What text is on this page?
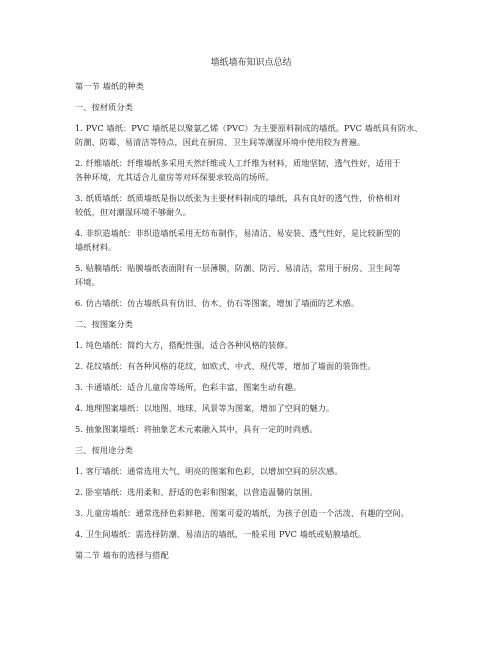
墙纸墙布知识点总结
第一节 墙纸的种类
一、按材质分类
1. PVC 墙纸：PVC 墙纸是以聚氯乙烯（PVC）为主要原料制成的墙纸。PVC 墙纸具有防水、
防潮、防霉、易清洁等特点，因此在厨房、卫生间等潮湿环境中使用较为普遍。
2. 纤维墙纸：纤维墙纸多采用天然纤维或人工纤维为材料，质地坚韧，透气性好，适用于
各种环境，尤其适合儿童房等对环保要求较高的场所。
3. 纸质墙纸：纸质墙纸是指以纸张为主要材料制成的墙纸，具有良好的透气性，价格相对
较低，但对潮湿环境不够耐久。
4. 非织造墙纸：非织造墙纸采用无纺布制作，易清洁、易安装、透气性好，是比较新型的
墙纸材料。
5. 贴膜墙纸：贴膜墙纸表面附有一层薄膜，防潮、防污、易清洁，常用于厨房、卫生间等
环境。
6. 仿古墙纸：仿古墙纸具有仿旧、仿木、仿石等图案，增加了墙面的艺术感。
二、按图案分类
1. 纯色墙纸：简约大方，搭配性强，适合各种风格的装修。
2. 花纹墙纸：有各种风格的花纹，如欧式、中式、现代等，增加了墙面的装饰性。
3. 卡通墙纸：适合儿童房等场所，色彩丰富，图案生动有趣。
4. 地理图案墙纸：以地图、地球、风景等为图案，增加了空间的魅力。
5. 抽象图案墙纸：将抽象艺术元素融入其中，具有一定的时尚感。
三、按用途分类
1. 客厅墙纸：通常选用大气、明亮的图案和色彩，以增加空间的层次感。
2. 卧室墙纸：选用柔和、舒适的色彩和图案，以营造温馨的氛围。
3. 儿童房墙纸：通常选择色彩鲜艳、图案可爱的墙纸，为孩子创造一个活泼、有趣的空间。
4. 卫生间墙纸：需选择防潮、易清洁的墙纸，一般采用 PVC 墙纸或贴膜墙纸。
第二节 墙布的选择与搭配
